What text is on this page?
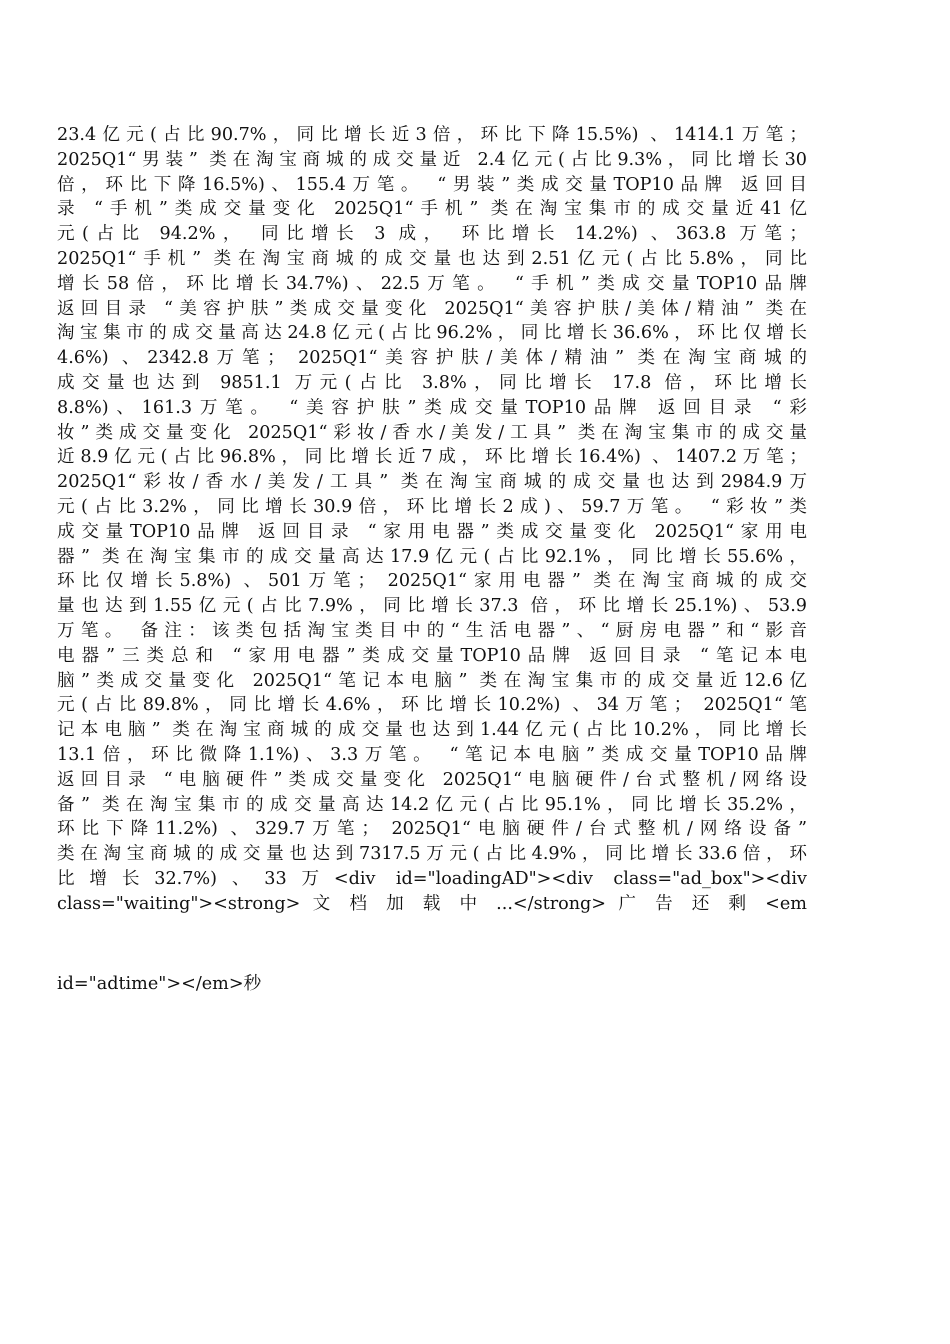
23.4亿元(占比90.7%，同比增长近3倍，环比下降15.5%) 、1414.1万笔；
2025Q1“男装” 类在淘宝商城的成交量近 2.4亿元(占比9.3%，同比增长30
倍，环比下降16.5%)、155.4万笔。 “男装”类成交量TOP10品牌 返回目
录 “手机”类成交量变化 2025Q1“手机” 类在淘宝集市的成交量近41亿
元(占比 94.2%， 同比增长 3 成， 环比增长 14.2%) 、363.8 万笔；
2025Q1“手机” 类在淘宝商城的成交量也达到2.51亿元(占比5.8%，同比
增长58倍，环比增长34.7%)、22.5万笔。 “手机”类成交量TOP10品牌
返回目录 “美容护肤”类成交量变化 2025Q1“美容护肤/美体/精油” 类在
淘宝集市的成交量高达24.8亿元(占比96.2%，同比增长36.6%，环比仅增长
4.6%) 、2342.8万笔； 2025Q1“美容护肤/美体/精油” 类在淘宝商城的
成交量也达到 9851.1 万元(占比 3.8%，同比增长 17.8 倍，环比增长
8.8%)、161.3万笔。 “美容护肤”类成交量TOP10品牌 返回目录 “彩
妆”类成交量变化 2025Q1“彩妆/香水/美发/工具” 类在淘宝集市的成交量
近8.9亿元(占比96.8%，同比增长近7成，环比增长16.4%) 、1407.2万笔；
2025Q1“彩妆/香水/美发/工具” 类在淘宝商城的成交量也达到2984.9万
元(占比3.2%，同比增长30.9倍，环比增长2成)、59.7万笔。 “彩妆”类
成交量TOP10品牌 返回目录 “家用电器”类成交量变化 2025Q1“家用电
器” 类在淘宝集市的成交量高达17.9亿元(占比92.1%，同比增长55.6%，
环比仅增长5.8%) 、501万笔； 2025Q1“家用电器” 类在淘宝商城的成交
量也达到1.55亿元(占比7.9%，同比增长37.3 倍，环比增长25.1%)、53.9
万笔。 备注：该类包括淘宝类目中的“生活电器”、“厨房电器”和“影音
电器”三类总和 “家用电器”类成交量TOP10品牌 返回目录 “笔记本电
脑”类成交量变化 2025Q1“笔记本电脑” 类在淘宝集市的成交量近12.6亿
元(占比89.8%，同比增长4.6%，环比增长10.2%) 、34万笔； 2025Q1“笔
记本电脑” 类在淘宝商城的成交量也达到1.44亿元(占比10.2%，同比增长
13.1倍，环比微降1.1%)、3.3万笔。 “笔记本电脑”类成交量TOP10品牌
返回目录 “电脑硬件”类成交量变化 2025Q1“电脑硬件/台式整机/网络设
备” 类在淘宝集市的成交量高达14.2亿元(占比95.1%，同比增长35.2%，
环比下降11.2%) 、329.7万笔； 2025Q1“电脑硬件/台式整机/网络设备”
类在淘宝商城的成交量也达到7317.5万元(占比4.9%，同比增长33.6倍，环
比增长32.7%)、33万<div id="loadingAD"><div class="ad_box"><div
class="waiting"><strong> 文 档 加 载 中 ...</strong> 广 告 还 剩 <em
id="adtime"></em>秒
